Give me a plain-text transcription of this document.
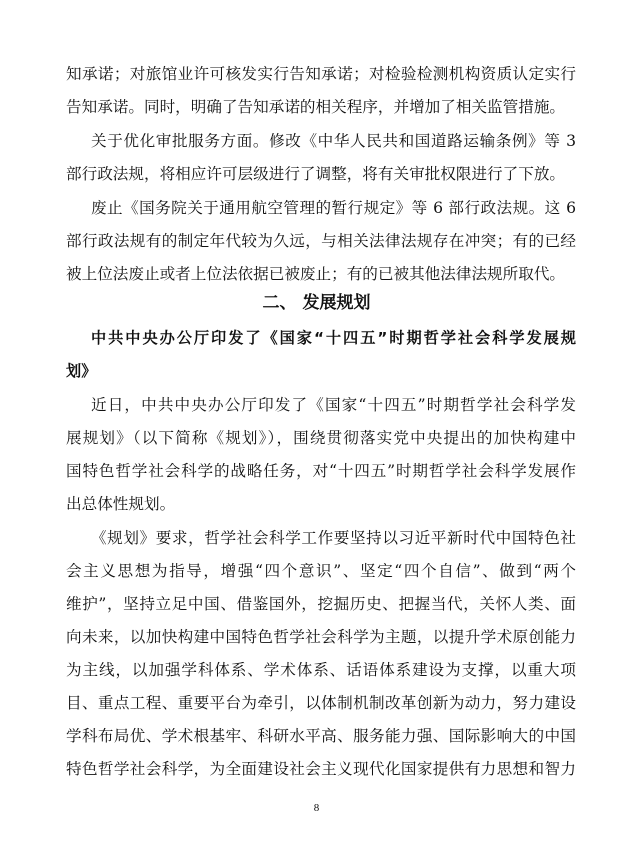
知承诺；对旅馆业许可核发实行告知承诺；对检验检测机构资质认定实行
告知承诺。同时，明确了告知承诺的相关程序，并增加了相关监管措施。
关于优化审批服务方面。修改《中华人民共和国道路运输条例》等 3
部行政法规，将相应许可层级进行了调整，将有关审批权限进行了下放。
废止《国务院关于通用航空管理的暂行规定》等 6 部行政法规。这 6
部行政法规有的制定年代较为久远，与相关法律法规存在冲突；有的已经
被上位法废止或者上位法依据已被废止；有的已被其他法律法规所取代。
二、 发展规划
中共中央办公厅印发了《国家“十四五”时期哲学社会科学发展规
划》
近日，中共中央办公厅印发了《国家“十四五”时期哲学社会科学发
展规划》（以下简称《规划》），围绕贯彻落实党中央提出的加快构建中
国特色哲学社会科学的战略任务，对“十四五”时期哲学社会科学发展作
出总体性规划。
《规划》要求，哲学社会科学工作要坚持以习近平新时代中国特色社
会主义思想为指导，增强“四个意识”、坚定“四个自信”、做到“两个
维护”，坚持立足中国、借鉴国外，挖掘历史、把握当代，关怀人类、面
向未来，以加快构建中国特色哲学社会科学为主题，以提升学术原创能力
为主线，以加强学科体系、学术体系、话语体系建设为支撑，以重大项
目、重点工程、重要平台为牵引，以体制机制改革创新为动力，努力建设
学科布局优、学术根基牢、科研水平高、服务能力强、国际影响大的中国
特色哲学社会科学，为全面建设社会主义现代化国家提供有力思想和智力
8
